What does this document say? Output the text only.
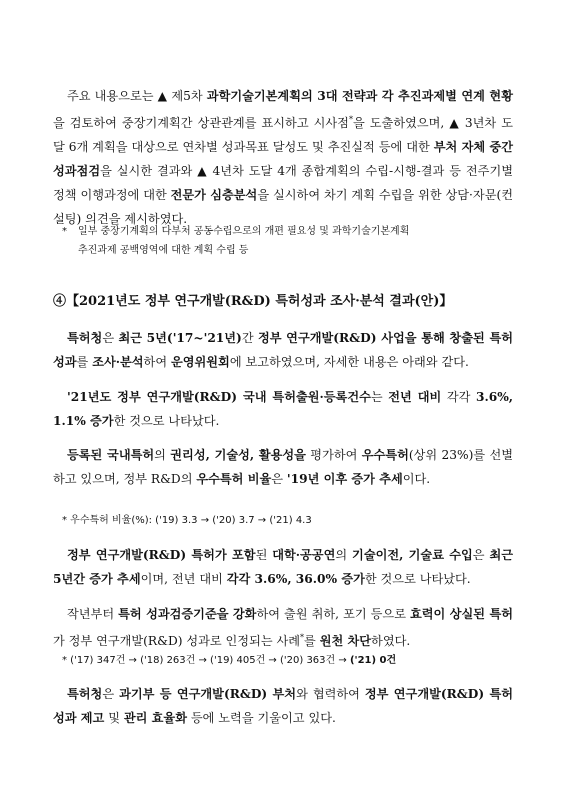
주요 내용으로는 ▲ 제5차 과학기술기본계획의 3대 전략과 각 추진과제별 연계 현황을 검토하여 중장기계획간 상관관계를 표시하고 시사점*을 도출하였으며, ▲ 3년차 도달 6개 계획을 대상으로 연차별 성과목표 달성도 및 추진실적 등에 대한 부처 자체 중간 성과점검을 실시한 결과와 ▲ 4년차 도달 4개 종합계획의 수립-시행-결과 등 전주기별 정책 이행과정에 대한 전문가 심층분석을 실시하여 차기 계획 수립을 위한 상담·자문(컨설팅) 의견을 제시하였다.

* 일부 중장기계획의 다부처 공동수립으로의 개편 필요성 및 과학기술기본계획
추진과제 공백영역에 대한 계획 수립 등

④【2021년도 정부 연구개발(R&D) 특허성과 조사·분석 결과(안)】

특허청은 최근 5년('17~'21년)간 정부 연구개발(R&D) 사업을 통해 창출된 특허성과를 조사·분석하여 운영위원회에 보고하였으며, 자세한 내용은 아래와 같다.

'21년도 정부 연구개발(R&D) 국내 특허출원·등록건수는 전년 대비 각각 3.6%, 1.1% 증가한 것으로 나타났다.

등록된 국내특허의 권리성, 기술성, 활용성을 평가하여 우수특허(상위 23%)를 선별하고 있으며, 정부 R&D의 우수특허 비율은 '19년 이후 증가 추세이다.

* 우수특허 비율(%): ('19) 3.3 → ('20) 3.7 → ('21) 4.3

정부 연구개발(R&D) 특허가 포함된 대학·공공연의 기술이전, 기술료 수입은 최근 5년간 증가 추세이며, 전년 대비 각각 3.6%, 36.0% 증가한 것으로 나타났다.

작년부터 특허 성과검증기준을 강화하여 출원 취하, 포기 등으로 효력이 상실된 특허가 정부 연구개발(R&D) 성과로 인정되는 사례*를 원천 차단하였다.

* ('17) 347건 → ('18) 263건 → ('19) 405건 → ('20) 363건 → ('21) 0건

특허청은 과기부 등 연구개발(R&D) 부처와 협력하여 정부 연구개발(R&D) 특허성과 제고 및 관리 효율화 등에 노력을 기울이고 있다.
